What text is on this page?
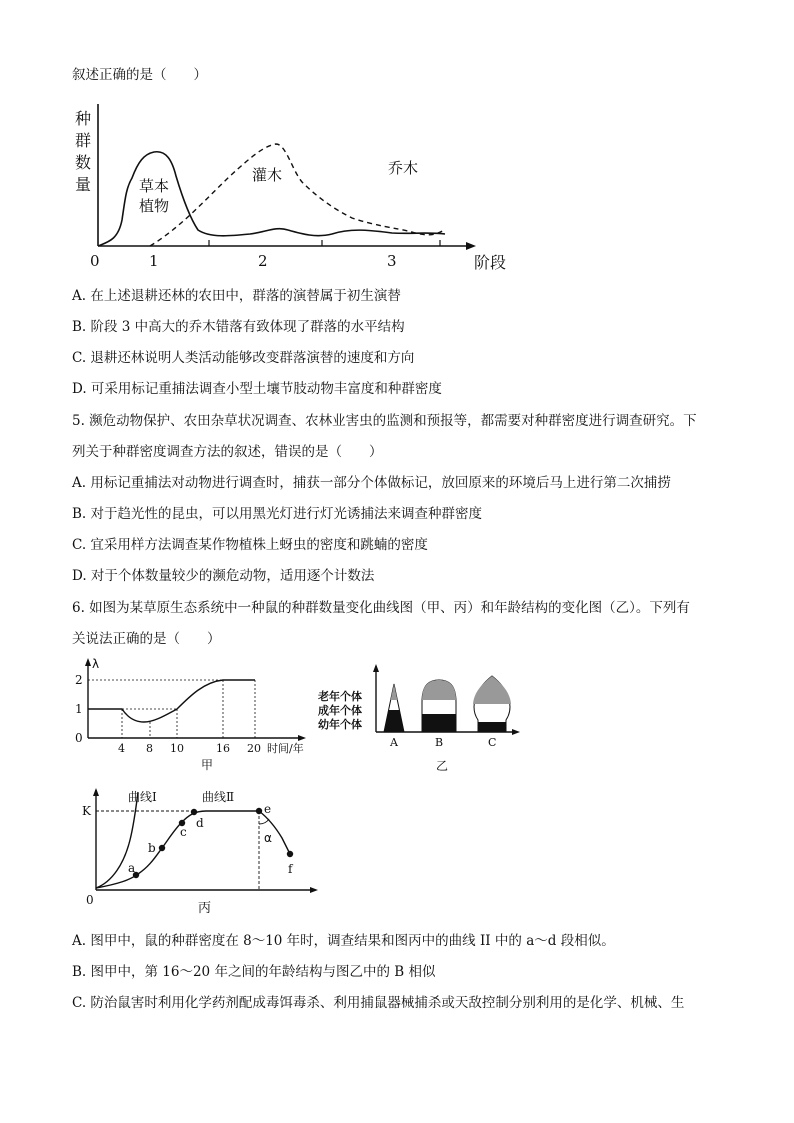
叙述正确的是（　　）
种
群
数
量
0	1	2	3	阶段
草本
植物
灌木	乔木
A. 在上述退耕还林的农田中，群落的演替属于初生演替
B. 阶段 3 中高大的乔木错落有致体现了群落的水平结构
C. 退耕还林说明人类活动能够改变群落演替的速度和方向
D. 可采用标记重捕法调查小型土壤节肢动物丰富度和种群密度
5. 濒危动物保护、农田杂草状况调查、农林业害虫的监测和预报等，都需要对种群密度进行调查研究。下
列关于种群密度调查方法的叙述，错误的是（　　）
A. 用标记重捕法对动物进行调查时，捕获一部分个体做标记，放回原来的环境后马上进行第二次捕捞
B. 对于趋光性的昆虫，可以用黑光灯进行灯光诱捕法来调查种群密度
C. 宜采用样方法调查某作物植株上蚜虫的密度和跳蝻的密度
D. 对于个体数量较少的濒危动物，适用逐个计数法
6. 如图为某草原生态系统中一种鼠的种群数量变化曲线图（甲、丙）和年龄结构的变化图（乙）。下列有
关说法正确的是（　　）
λ
2
1
0
4 8 10	16 20 时间/年
甲
老年个体
成年个体
幼年个体
A	B	C
乙
K
0
a
b
c
d
e
f
α
曲线Ⅰ	曲线Ⅱ
丙
A. 图甲中，鼠的种群密度在 8～10 年时，调查结果和图丙中的曲线 II 中的 a～d 段相似。
B. 图甲中，第 16～20 年之间的年龄结构与图乙中的 B 相似
C. 防治鼠害时利用化学药剂配成毒饵毒杀、利用捕鼠器械捕杀或天敌控制分别利用的是化学、机械、生
